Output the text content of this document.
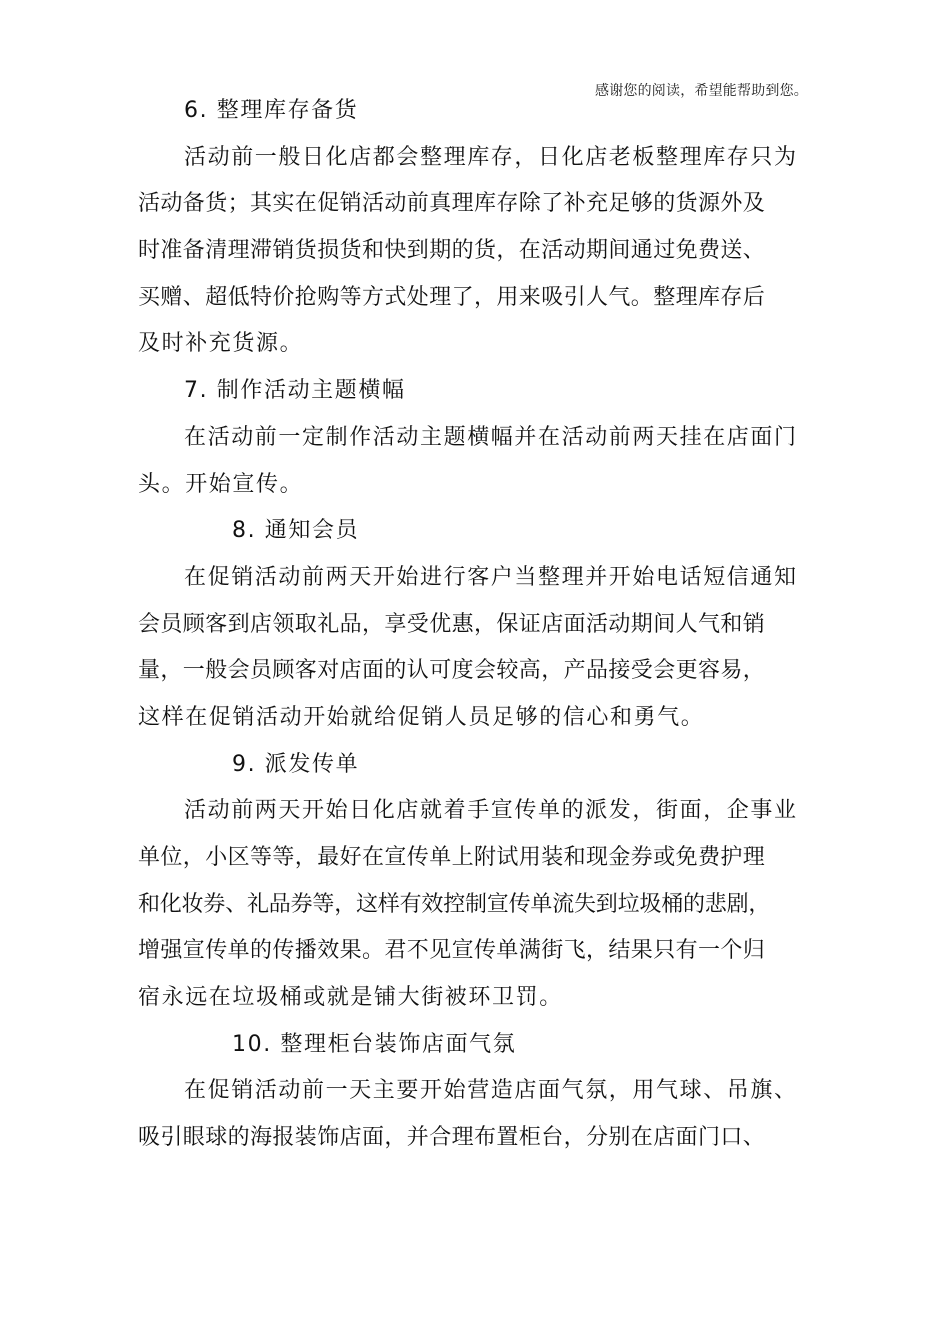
感谢您的阅读，希望能帮助到您。
6. 整理库存备货
活动前一般日化店都会整理库存，日化店老板整理库存只为
活动备货；其实在促销活动前真理库存除了补充足够的货源外及
时准备清理滞销货损货和快到期的货，在活动期间通过免费送、
买赠、超低特价抢购等方式处理了，用来吸引人气。整理库存后
及时补充货源。
7. 制作活动主题横幅
在活动前一定制作活动主题横幅并在活动前两天挂在店面门
头。开始宣传。
8. 通知会员
在促销活动前两天开始进行客户当整理并开始电话短信通知
会员顾客到店领取礼品，享受优惠，保证店面活动期间人气和销
量，一般会员顾客对店面的认可度会较高，产品接受会更容易，
这样在促销活动开始就给促销人员足够的信心和勇气。
9. 派发传单
活动前两天开始日化店就着手宣传单的派发，街面，企事业
单位，小区等等，最好在宣传单上附试用装和现金券或免费护理
和化妆券、礼品券等，这样有效控制宣传单流失到垃圾桶的悲剧，
增强宣传单的传播效果。君不见宣传单满街飞，结果只有一个归
宿永远在垃圾桶或就是铺大街被环卫罚。
10. 整理柜台装饰店面气氛
在促销活动前一天主要开始营造店面气氛，用气球、吊旗、
吸引眼球的海报装饰店面，并合理布置柜台，分别在店面门口、
